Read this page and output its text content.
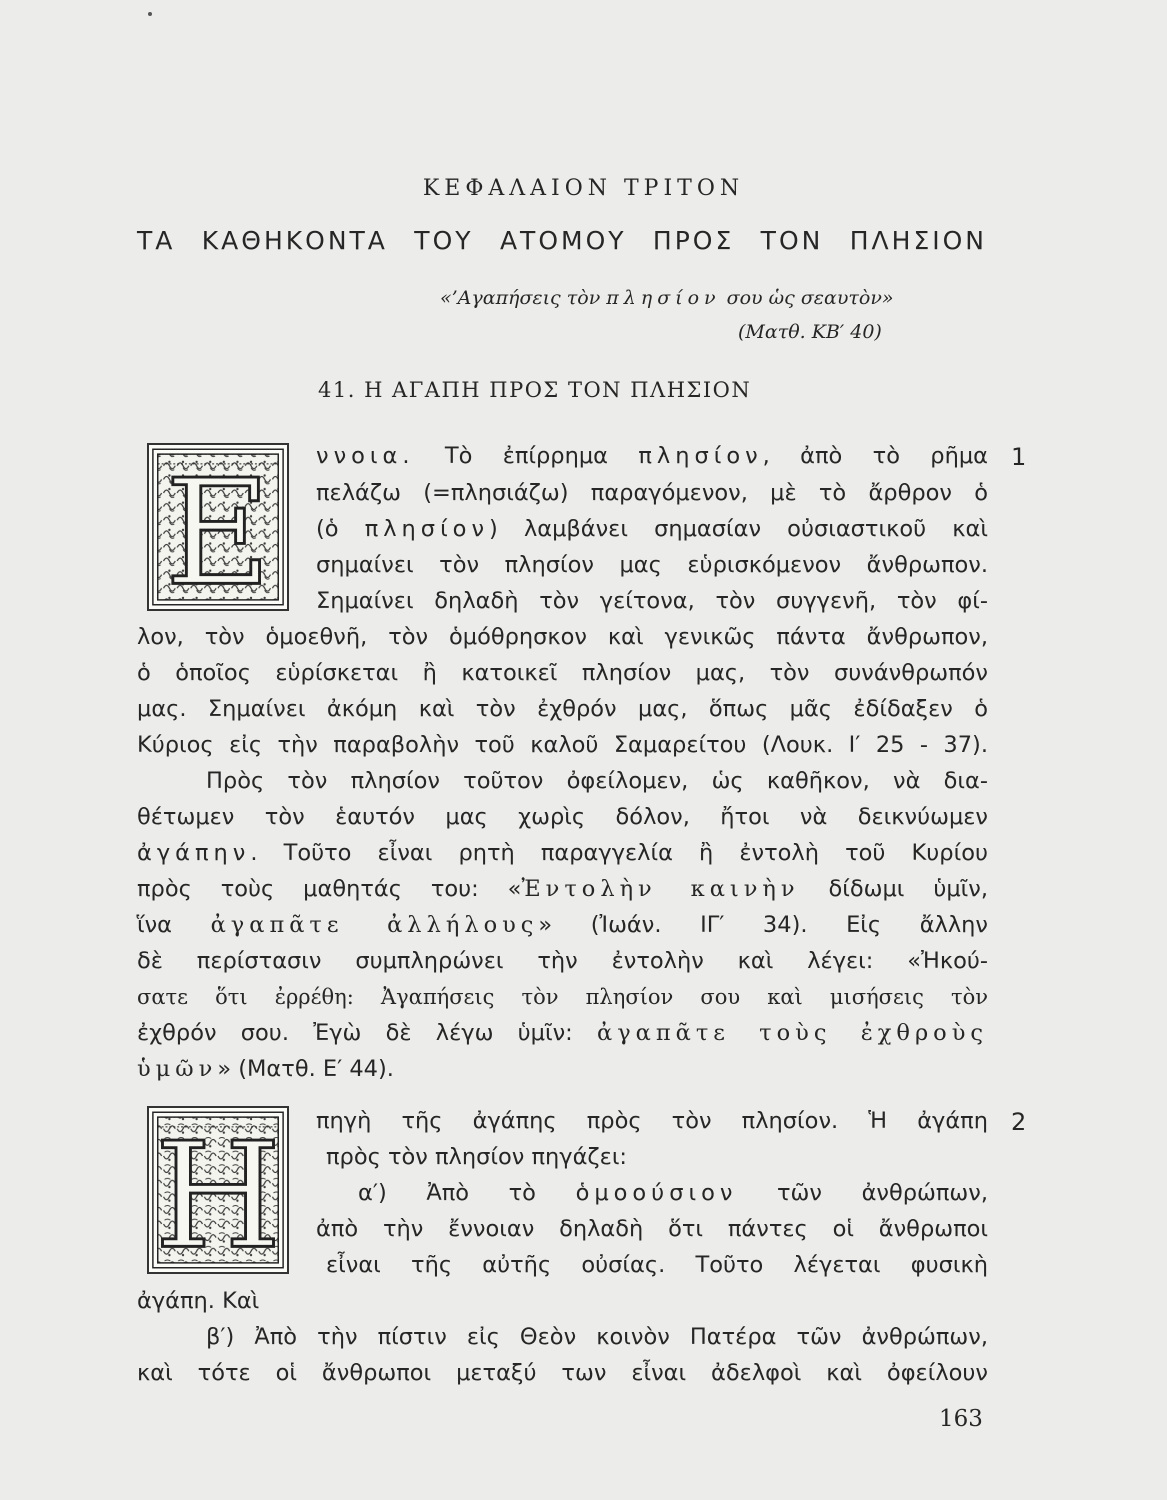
ΚΕΦΑΛΑΙΟΝ ΤΡΙΤΟΝ
ΤΑ ΚΑΘΗΚΟΝΤΑ ΤΟΥ ΑΤΟΜΟΥ ΠΡΟΣ ΤΟΝ ΠΛΗΣΙΟΝ
«’Αγαπήσεις τὸν πλησίον σου ὡς σεαυτὸν»
(Ματθ. ΚΒ′ 40)
41. Η ΑΓΑΠΗ ΠΡΟΣ ΤΟΝ ΠΛΗΣΙΟΝ
Ε ννοια. Τὸ ἐπίρρημα πλησίον, ἀπὸ τὸ ρῆμα 1
πελάζω (=πλησιάζω) παραγόμενον, μὲ τὸ ἄρθρον ὁ
(ὁ πλησίον) λαμβάνει σημασίαν οὐσιαστικοῦ καὶ
σημαίνει τὸν πλησίον μας εὑρισκόμενον ἄνθρωπον.
Σημαίνει δηλαδὴ τὸν γείτονα, τὸν συγγενῆ, τὸν φί-
λον, τὸν ὁμοεθνῆ, τὸν ὁμόθρησκον καὶ γενικῶς πάντα ἄνθρωπον,
ὁ ὁποῖος εὑρίσκεται ἢ κατοικεῖ πλησίον μας, τὸν συνάνθρωπόν
μας. Σημαίνει ἀκόμη καὶ τὸν ἐχθρόν μας, ὅπως μᾶς ἐδίδαξεν ὁ
Κύριος εἰς τὴν παραβολὴν τοῦ καλοῦ Σαμαρείτου (Λουκ. Ι′ 25 - 37).
Πρὸς τὸν πλησίον τοῦτον ὀφείλομεν, ὡς καθῆκον, νὰ δια-
θέτωμεν τὸν ἑαυτόν μας χωρὶς δόλον, ἤτοι νὰ δεικνύωμεν
ἀγάπην. Τοῦτο εἶναι ρητὴ παραγγελία ἢ ἐντολὴ τοῦ Κυρίου
πρὸς τοὺς μαθητάς του: «Ἐντολὴν καινὴν δίδωμι ὑμῖν,
ἵνα ἀγαπᾶτε ἀλλήλους» (Ἰωάν. ΙΓ′ 34). Εἰς ἄλλην
δὲ περίστασιν συμπληρώνει τὴν ἐντολὴν καὶ λέγει: «Ἠκού-
σατε ὅτι ἐρρέθη: Ἀγαπήσεις τὸν πλησίον σου καὶ μισήσεις τὸν
ἐχθρόν σου. Ἐγὼ δὲ λέγω ὑμῖν: ἀγαπᾶτε τοὺς ἐχθροὺς
ὑμῶν» (Ματθ. Ε′ 44).
Η πηγὴ τῆς ἀγάπης πρὸς τὸν πλησίον. Ἡ ἀγάπη 2
πρὸς τὸν πλησίον πηγάζει:
α′) Ἀπὸ τὸ ὁμοούσιον τῶν ἀνθρώπων,
ἀπὸ τὴν ἔννοιαν δηλαδὴ ὅτι πάντες οἱ ἄνθρωποι
εἶναι τῆς αὐτῆς οὐσίας. Τοῦτο λέγεται φυσικὴ
ἀγάπη. Καὶ
β′) Ἀπὸ τὴν πίστιν εἰς Θεὸν κοινὸν Πατέρα τῶν ἀνθρώπων,
καὶ τότε οἱ ἄνθρωποι μεταξύ των εἶναι ἀδελφοὶ καὶ ὀφείλουν
163
